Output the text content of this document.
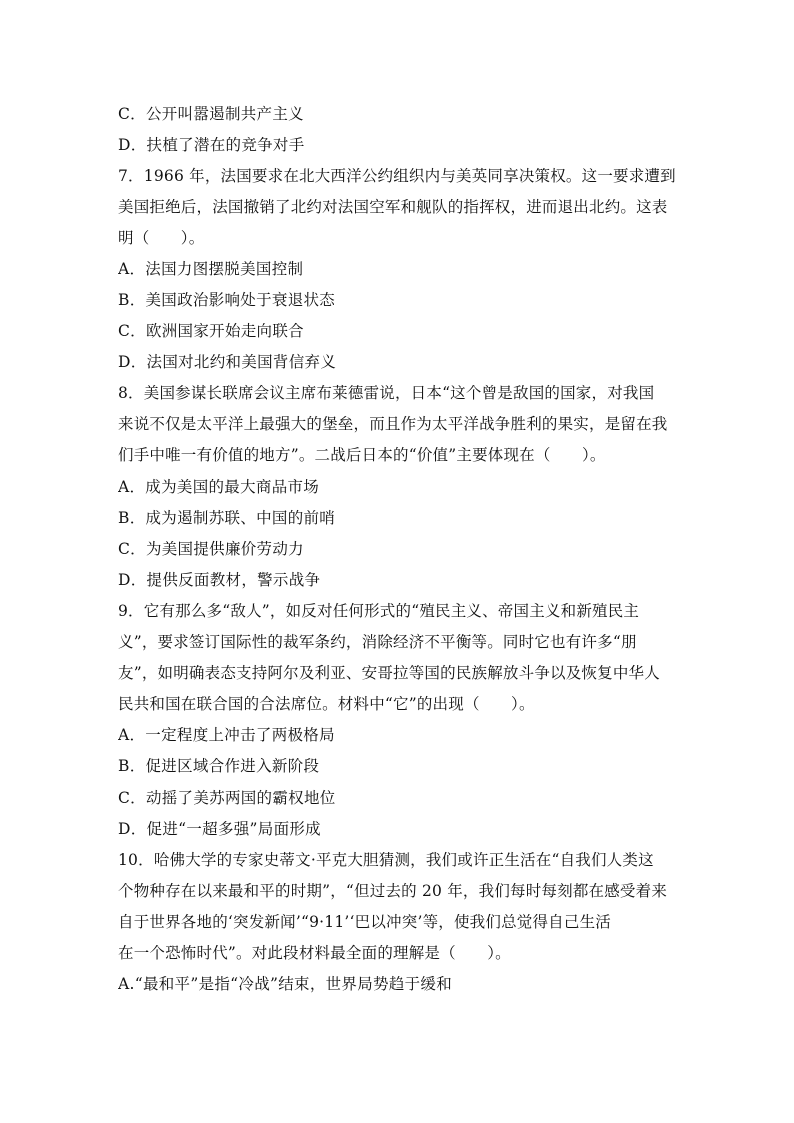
C．公开叫嚣遏制共产主义
D．扶植了潜在的竞争对手
7．1966 年，法国要求在北大西洋公约组织内与美英同享决策权。这一要求遭到
美国拒绝后，法国撤销了北约对法国空军和舰队的指挥权，进而退出北约。这表
明（　　）。
A．法国力图摆脱美国控制
B．美国政治影响处于衰退状态
C．欧洲国家开始走向联合
D．法国对北约和美国背信弃义
8．美国参谋长联席会议主席布莱德雷说，日本“这个曾是敌国的国家，对我国
来说不仅是太平洋上最强大的堡垒，而且作为太平洋战争胜利的果实，是留在我
们手中唯一有价值的地方”。二战后日本的“价值”主要体现在（　　）。
A．成为美国的最大商品市场
B．成为遏制苏联、中国的前哨
C．为美国提供廉价劳动力
D．提供反面教材，警示战争
9．它有那么多“敌人”，如反对任何形式的“殖民主义、帝国主义和新殖民主
义”，要求签订国际性的裁军条约，消除经济不平衡等。同时它也有许多“朋
友”，如明确表态支持阿尔及利亚、安哥拉等国的民族解放斗争以及恢复中华人
民共和国在联合国的合法席位。材料中“它”的出现（　　）。
A．一定程度上冲击了两极格局
B．促进区域合作进入新阶段
C．动摇了美苏两国的霸权地位
D．促进“一超多强”局面形成
10．哈佛大学的专家史蒂文·平克大胆猜测，我们或许正生活在“自我们人类这
个物种存在以来最和平的时期”，“但过去的 20 年，我们每时每刻都在感受着来
自于世界各地的‘突发新闻’“9·11’‘巴以冲突’等，使我们总觉得自己生活
在一个恐怖时代”。对此段材料最全面的理解是（　　）。
A.“最和平”是指“冷战”结束，世界局势趋于缓和
